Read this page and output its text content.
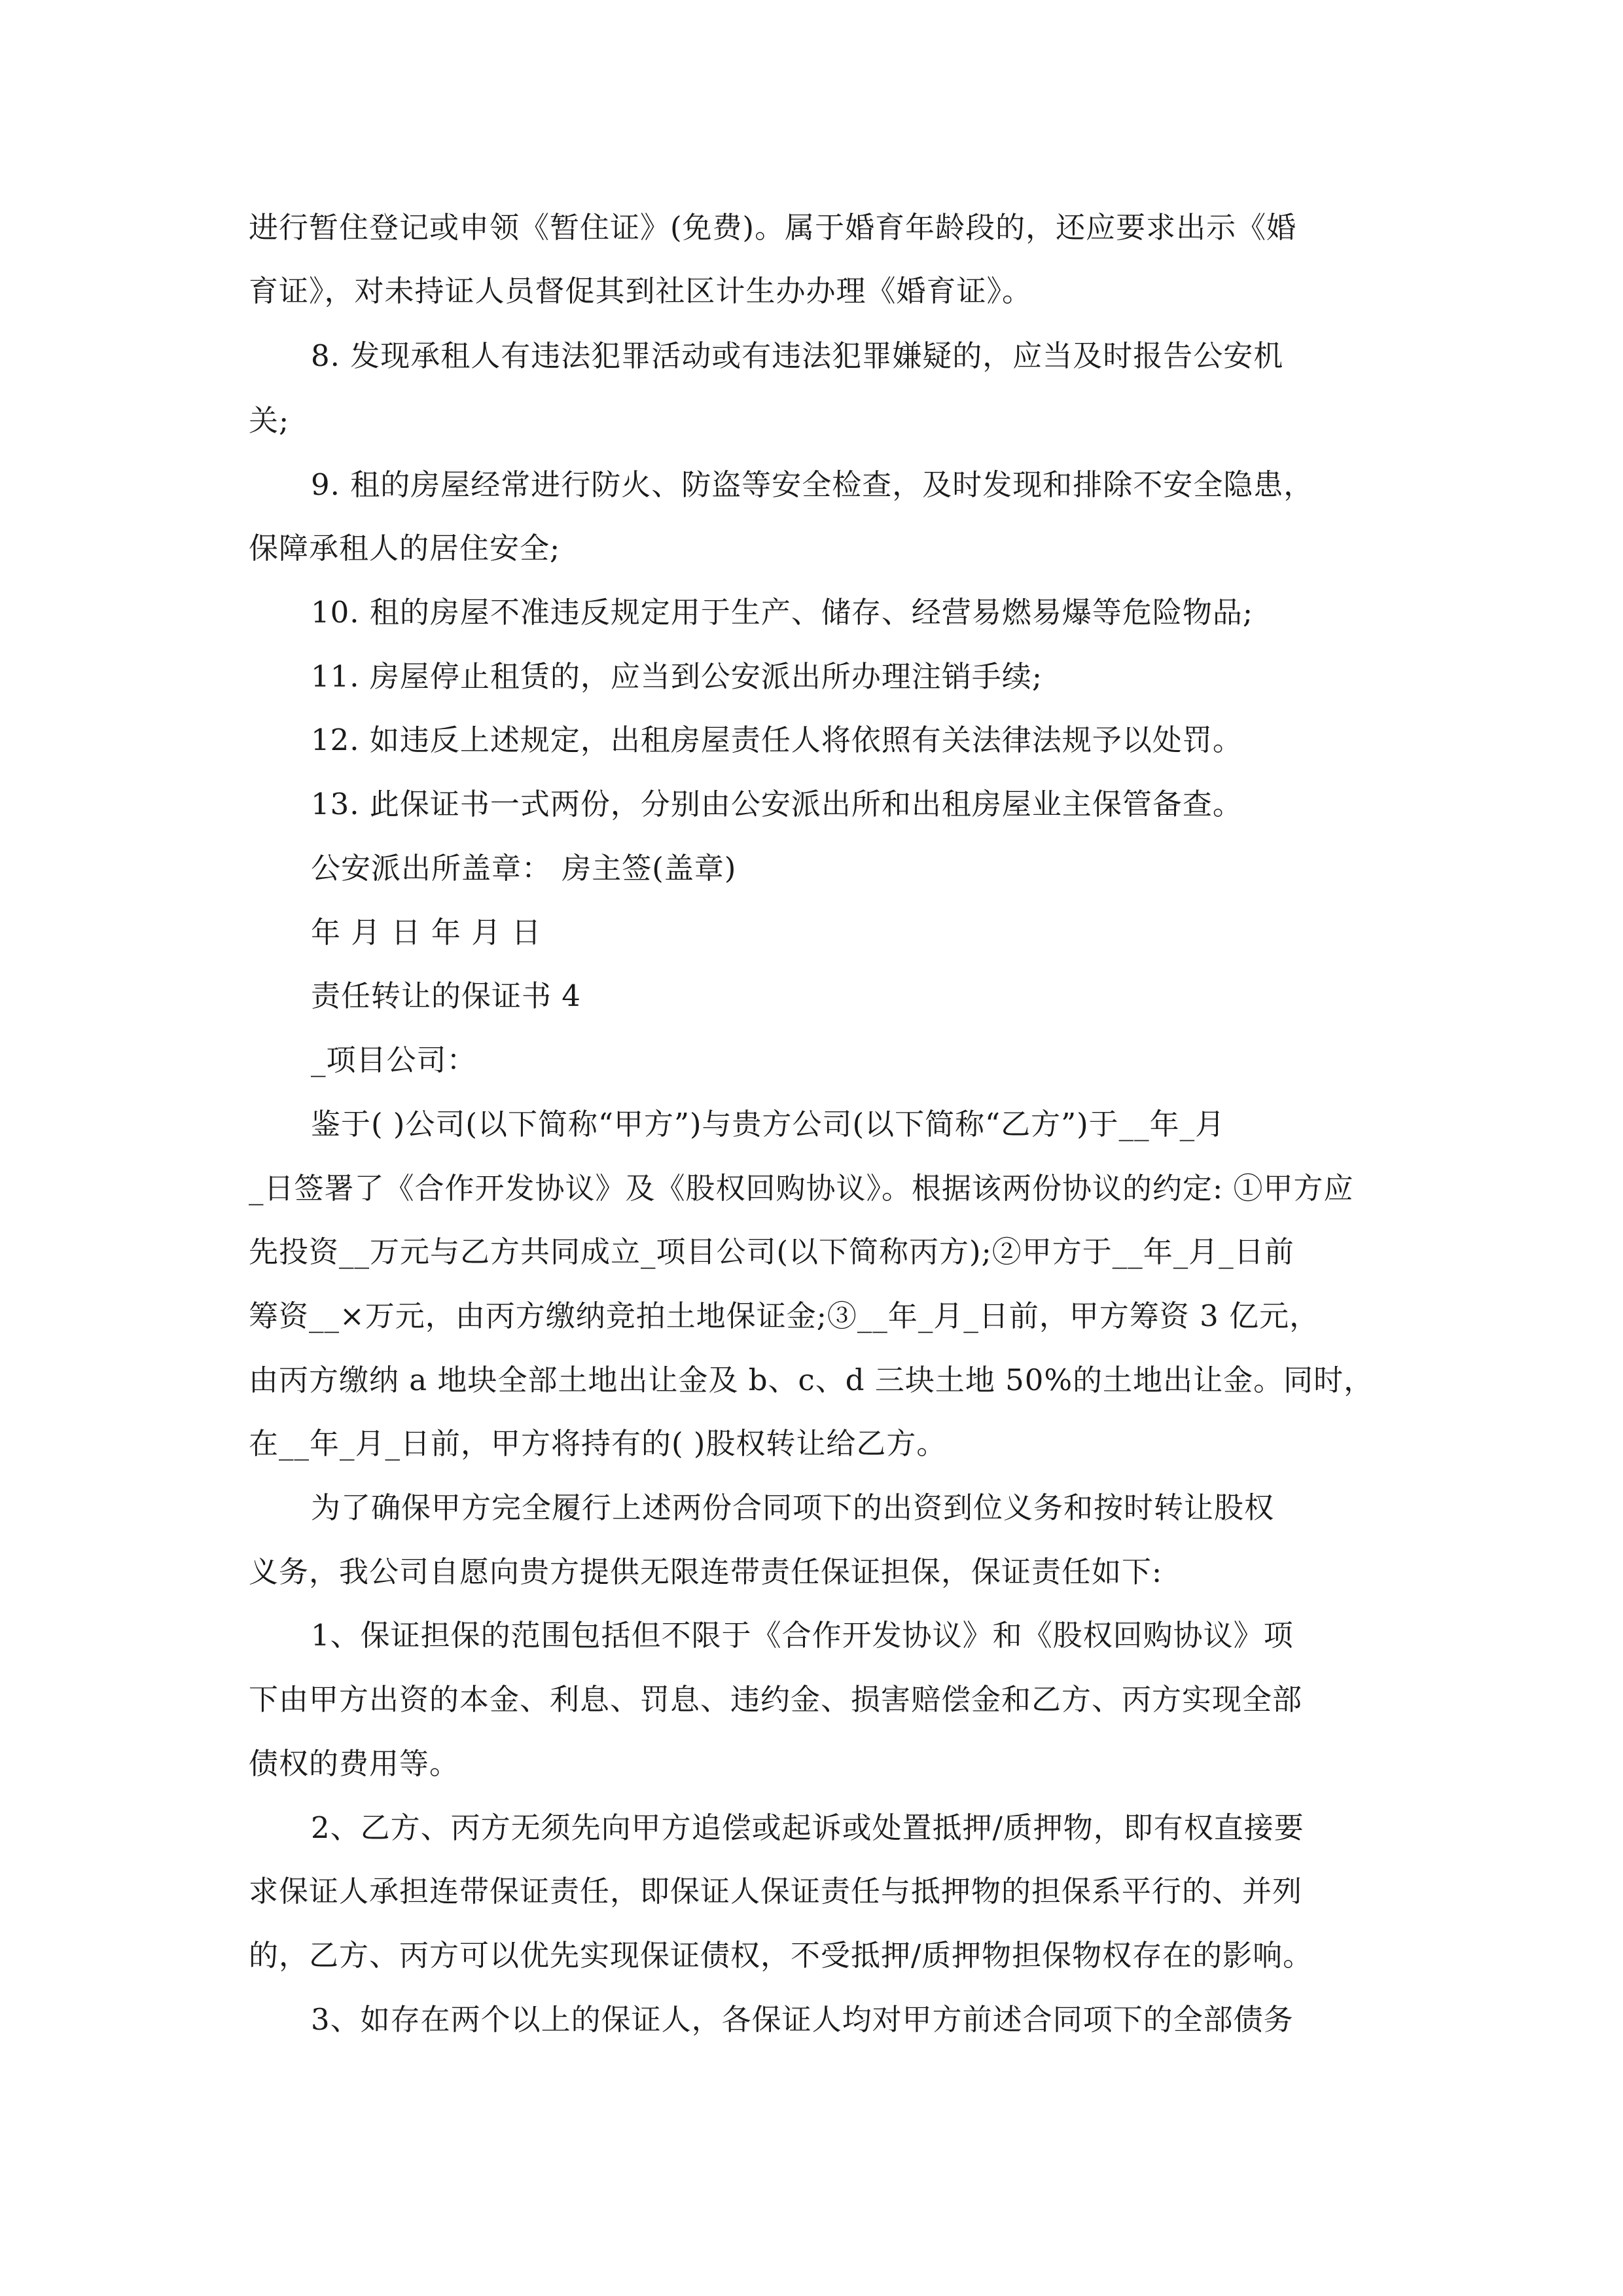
进行暂住登记或申领《暂住证》(免费)。属于婚育年龄段的，还应要求出示《婚
育证》，对未持证人员督促其到社区计生办办理《婚育证》。
8. 发现承租人有违法犯罪活动或有违法犯罪嫌疑的，应当及时报告公安机
关;
9. 租的房屋经常进行防火、防盗等安全检查，及时发现和排除不安全隐患，
保障承租人的居住安全;
10. 租的房屋不准违反规定用于生产、储存、经营易燃易爆等危险物品;
11. 房屋停止租赁的，应当到公安派出所办理注销手续;
12. 如违反上述规定，出租房屋责任人将依照有关法律法规予以处罚。
13. 此保证书一式两份，分别由公安派出所和出租房屋业主保管备查。
公安派出所盖章： 房主签(盖章)
年 月 日 年 月 日
责任转让的保证书 4
_项目公司：
鉴于( )公司(以下简称“甲方”)与贵方公司(以下简称“乙方”)于__年_月
_日签署了《合作开发协议》及《股权回购协议》。根据该两份协议的约定: ①甲方应
先投资__万元与乙方共同成立_项目公司(以下简称丙方);②甲方于__年_月_日前
筹资__×万元，由丙方缴纳竞拍土地保证金;③__年_月_日前，甲方筹资 3 亿元，
由丙方缴纳 a 地块全部土地出让金及 b、c、d 三块土地 50%的土地出让金。同时，
在__年_月_日前，甲方将持有的( )股权转让给乙方。
为了确保甲方完全履行上述两份合同项下的出资到位义务和按时转让股权
义务，我公司自愿向贵方提供无限连带责任保证担保，保证责任如下:
1、保证担保的范围包括但不限于《合作开发协议》和《股权回购协议》项
下由甲方出资的本金、利息、罚息、违约金、损害赔偿金和乙方、丙方实现全部
债权的费用等。
2、乙方、丙方无须先向甲方追偿或起诉或处置抵押/质押物，即有权直接要
求保证人承担连带保证责任，即保证人保证责任与抵押物的担保系平行的、并列
的，乙方、丙方可以优先实现保证债权，不受抵押/质押物担保物权存在的影响。
3、如存在两个以上的保证人，各保证人均对甲方前述合同项下的全部债务
